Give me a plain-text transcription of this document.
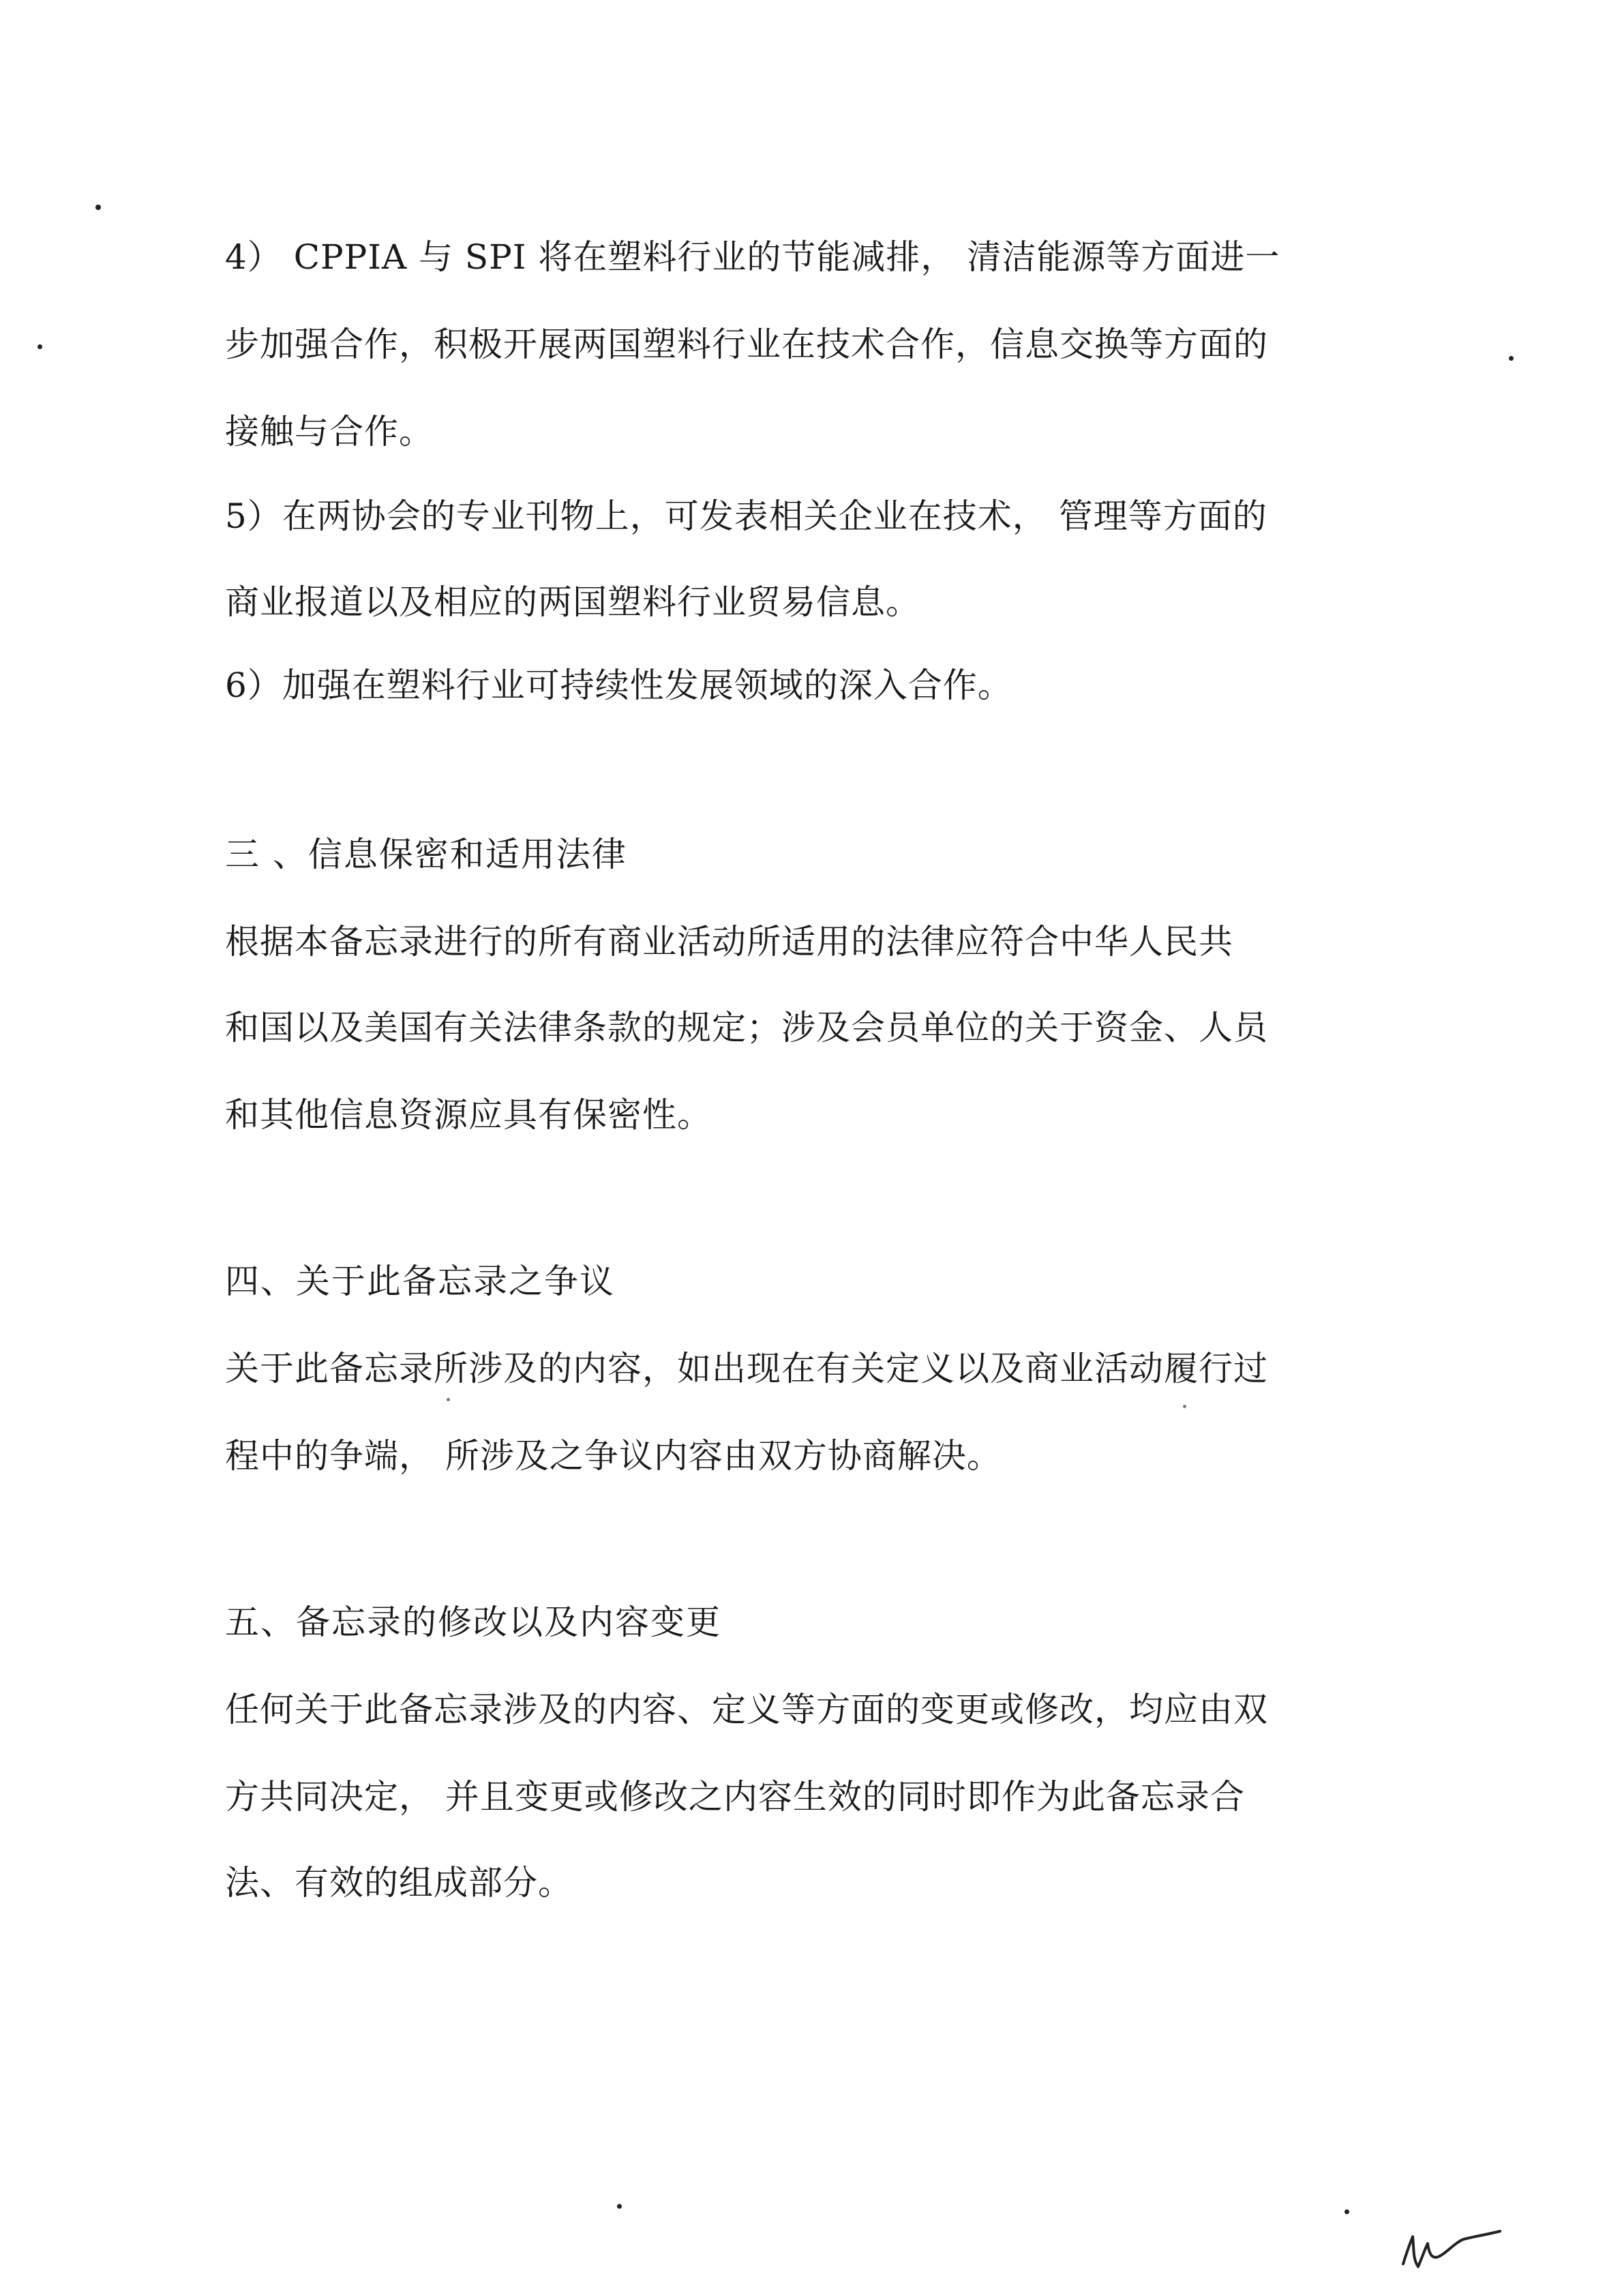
4） CPPIA 与 SPI 将在塑料行业的节能减排， 清洁能源等方面进一
步加强合作，积极开展两国塑料行业在技术合作，信息交换等方面的
接触与合作。
5）在两协会的专业刊物上，可发表相关企业在技术， 管理等方面的
商业报道以及相应的两国塑料行业贸易信息。
6）加强在塑料行业可持续性发展领域的深入合作。
三 、信息保密和适用法律
根据本备忘录进行的所有商业活动所适用的法律应符合中华人民共
和国以及美国有关法律条款的规定；涉及会员单位的关于资金、人员
和其他信息资源应具有保密性。
四、关于此备忘录之争议
关于此备忘录所涉及的内容，如出现在有关定义以及商业活动履行过
程中的争端， 所涉及之争议内容由双方协商解决。
五、备忘录的修改以及内容变更
任何关于此备忘录涉及的内容、定义等方面的变更或修改，均应由双
方共同决定， 并且变更或修改之内容生效的同时即作为此备忘录合
法、有效的组成部分。
